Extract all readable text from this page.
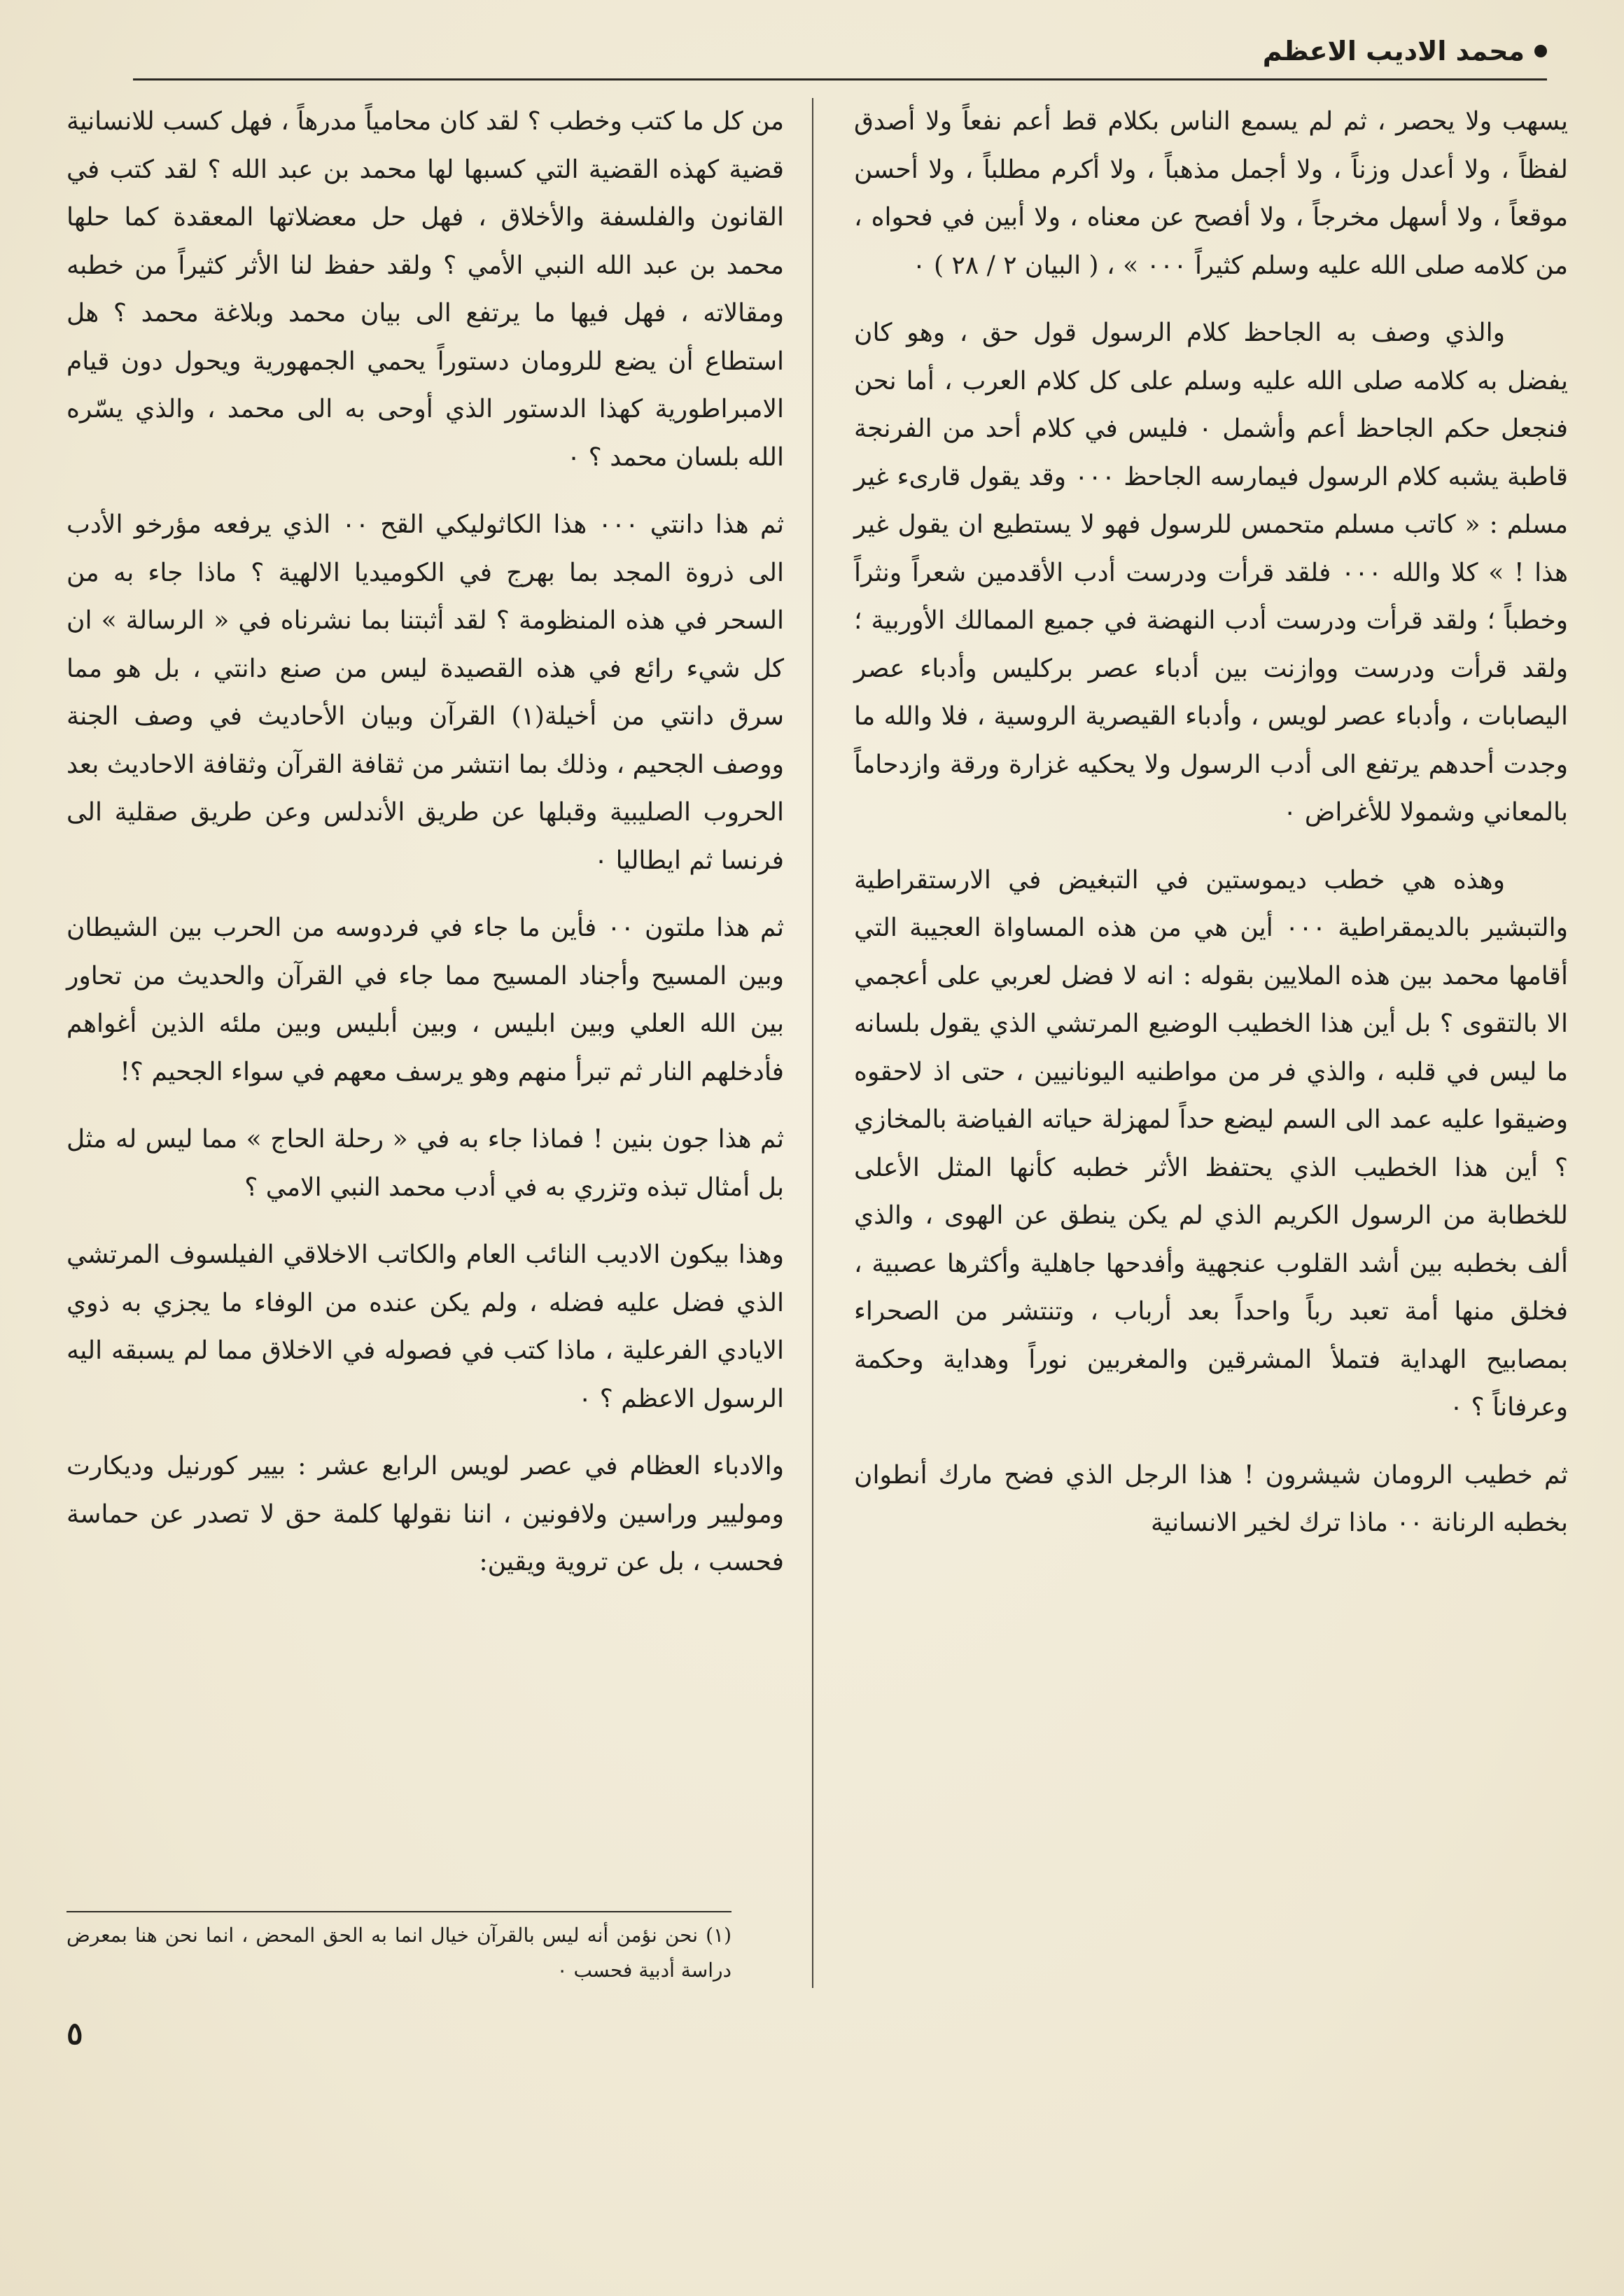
محمد الاديب الاعظم

يسهب ولا يحصر ، ثم لم يسمع الناس بكلام قط أعم نفعاً ولا أصدق لفظاً ، ولا أعدل وزناً ، ولا أجمل مذهباً ، ولا أكرم مطلباً ، ولا أحسن موقعاً ، ولا أسهل مخرجاً ، ولا أفصح عن معناه ، ولا أبين في فحواه ، من كلامه صلى الله عليه وسلم كثيراً ٠٠٠ » ، ( البيان ٢ / ٢٨ ) ٠

والذي وصف به الجاحظ كلام الرسول قول حق ، وهو كان يفضل به كلامه صلى الله عليه وسلم على كل كلام العرب ، أما نحن فنجعل حكم الجاحظ أعم وأشمل ٠ فليس في كلام أحد من الفرنجة قاطبة يشبه كلام الرسول فيمارسه الجاحظ ٠٠٠ وقد يقول قارىء غير مسلم : « كاتب مسلم متحمس للرسول فهو لا يستطيع ان يقول غير هذا ! » كلا والله ٠٠٠ فلقد قرأت ودرست أدب الأقدمين شعراً ونثراً وخطباً ؛ ولقد قرأت ودرست أدب النهضة في جميع الممالك الأوربية ؛ ولقد قرأت ودرست ووازنت بين أدباء عصر بركليس وأدباء عصر اليصابات ، وأدباء عصر لويس ، وأدباء القيصرية الروسية ، فلا والله ما وجدت أحدهم يرتفع الى أدب الرسول ولا يحكيه غزارة ورقة وازدحاماً بالمعاني وشمولا للأغراض ٠

وهذه هي خطب ديموستين في التبغيض في الارستقراطية والتبشير بالديمقراطية ٠٠٠ أين هي من هذه المساواة العجيبة التي أقامها محمد بين هذه الملايين بقوله : انه لا فضل لعربي على أعجمي الا بالتقوى ؟ بل أين هذا الخطيب الوضيع المرتشي الذي يقول بلسانه ما ليس في قلبه ، والذي فر من مواطنيه اليونانيين ، حتى اذ لاحقوه وضيقوا عليه عمد الى السم ليضع حداً لمهزلة حياته الفياضة بالمخازي ؟ أين هذا الخطيب الذي يحتفظ الأثر خطبه كأنها المثل الأعلى للخطابة من الرسول الكريم الذي لم يكن ينطق عن الهوى ، والذي ألف بخطبه بين أشد القلوب عنجهية وأفدحها جاهلية وأكثرها عصبية ، فخلق منها أمة تعبد رباً واحداً بعد أرباب ، وتنتشر من الصحراء بمصابيح الهداية فتملأ المشرقين والمغربين نوراً وهداية وحكمة وعرفاناً ؟ ٠

ثم خطيب الرومان شيشرون ! هذا الرجل الذي فضح مارك أنطوان بخطبه الرنانة ٠٠ ماذا ترك لخير الانسانية

من كل ما كتب وخطب ؟ لقد كان محامياً مدرهاً ، فهل كسب للانسانية قضية كهذه القضية التي كسبها لها محمد بن عبد الله ؟ لقد كتب في القانون والفلسفة والأخلاق ، فهل حل معضلاتها المعقدة كما حلها محمد بن عبد الله النبي الأمي ؟ ولقد حفظ لنا الأثر كثيراً من خطبه ومقالاته ، فهل فيها ما يرتفع الى بيان محمد وبلاغة محمد ؟ هل استطاع أن يضع للرومان دستوراً يحمي الجمهورية ويحول دون قيام الامبراطورية كهذا الدستور الذي أوحى به الى محمد ، والذي يسّره الله بلسان محمد ؟ ٠

ثم هذا دانتي ٠٠٠ هذا الكاثوليكي القح ٠٠ الذي يرفعه مؤرخو الأدب الى ذروة المجد بما بهرج في الكوميديا الالهية ؟ ماذا جاء به من السحر في هذه المنظومة ؟ لقد أثبتنا بما نشرناه في « الرسالة » ان كل شيء رائع في هذه القصيدة ليس من صنع دانتي ، بل هو مما سرق دانتي من أخيلة(١) القرآن وبيان الأحاديث في وصف الجنة ووصف الجحيم ، وذلك بما انتشر من ثقافة القرآن وثقافة الاحاديث بعد الحروب الصليبية وقبلها عن طريق الأندلس وعن طريق صقلية الى فرنسا ثم ايطاليا ٠

ثم هذا ملتون ٠٠ فأين ما جاء في فردوسه من الحرب بين الشيطان وبين المسيح وأجناد المسيح مما جاء في القرآن والحديث من تحاور بين الله العلي وبين ابليس ، وبين أبليس وبين ملئه الذين أغواهم فأدخلهم النار ثم تبرأ منهم وهو يرسف معهم في سواء الجحيم ؟!

ثم هذا جون بنين ! فماذا جاء به في « رحلة الحاج » مما ليس له مثل بل أمثال تبذه وتزري به في أدب محمد النبي الامي ؟

وهذا بيكون الاديب النائب العام والكاتب الاخلاقي الفيلسوف المرتشي الذي فضل عليه فضله ، ولم يكن عنده من الوفاء ما يجزي به ذوي الايادي الفرعلية ، ماذا كتب في فصوله في الاخلاق مما لم يسبقه اليه الرسول الاعظم ؟ ٠

والادباء العظام في عصر لويس الرابع عشر : بيير كورنيل وديكارت وموليير وراسين ولافونين ، اننا نقولها كلمة حق لا تصدر عن حماسة فحسب ، بل عن تروية ويقين:

(١) نحن نؤمن أنه ليس بالقرآن خيال انما به الحق المحض ، انما نحن هنا بمعرض دراسة أدبية فحسب ٠
٥
